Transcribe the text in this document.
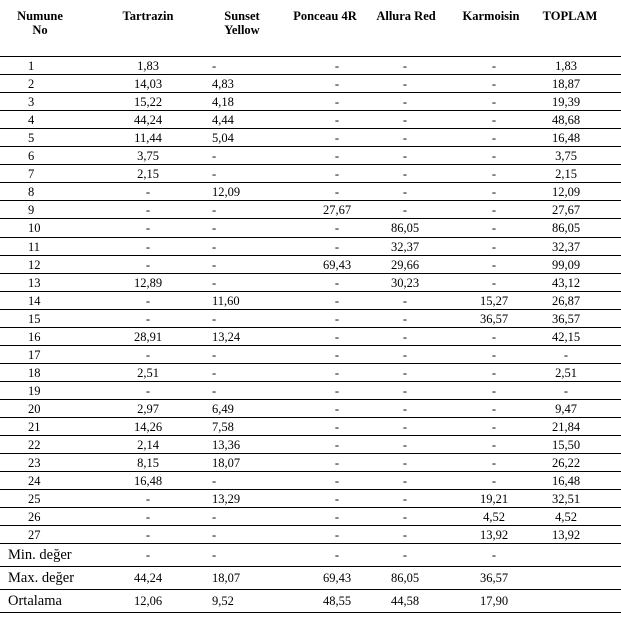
Numune
No
Tartrazin	Sunset
Yellow
Ponceau 4R	Allura Red	Karmoisin	TOPLAM
1	1,83	-	-	-	-	1,83
2	14,03	4,83	-	-	-	18,87
3	15,22	4,18	-	-	-	19,39
4	44,24	4,44	-	-	-	48,68
5	11,44	5,04	-	-	-	16,48
6	3,75	-	-	-	-	3,75
7	2,15	-	-	-	-	2,15
8	-	12,09	-	-	-	12,09
9	-	-	27,67	-	-	27,67
10	-	-	-	86,05	-	86,05
11	-	-	-	32,37	-	32,37
12	-	-	69,43	29,66	-	99,09
13	12,89	-	-	30,23	-	43,12
14	-	11,60	-	-	15,27	26,87
15	-	-	-	-	36,57	36,57
16	28,91	13,24	-	-	-	42,15
17	-	-	-	-	-	-
18	2,51	-	-	-	-	2,51
19	-	-	-	-	-	-
20	2,97	6,49	-	-	-	9,47
21	14,26	7,58	-	-	-	21,84
22	2,14	13,36	-	-	-	15,50
23	8,15	18,07	-	-	-	26,22
24	16,48	-	-	-	-	16,48
25	-	13,29	-	-	19,21	32,51
26	-	-	-	-	4,52	4,52
27	-	-	-	-	13,92	13,92
Min. değer	-	-	-	-	-
Max. değer	44,24	18,07	69,43	86,05	36,57
Ortalama	12,06	9,52	48,55	44,58	17,90
